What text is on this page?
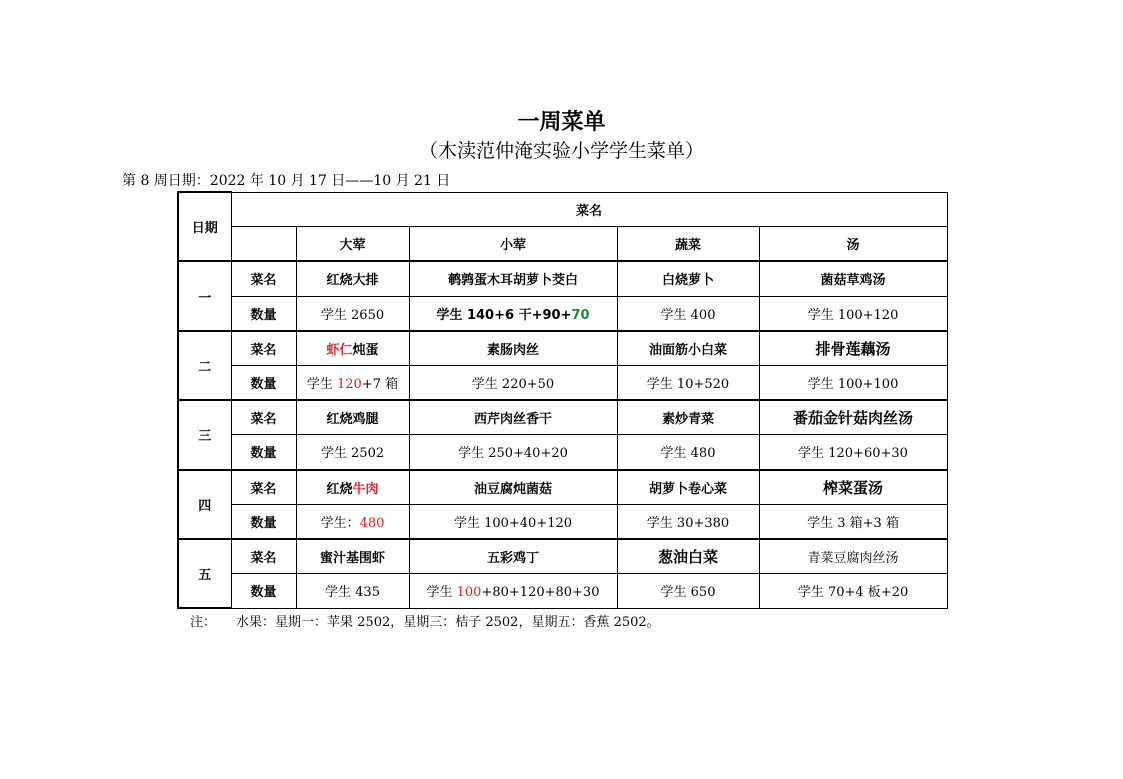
一周菜单
（木渎范仲淹实验小学学生菜单）
第 8 周日期：2022 年 10 月 17 日——10 月 21 日
日期	菜名				
		大荤	小荤	蔬菜	汤
一	菜名	红烧大排	鹌鹑蛋木耳胡萝卜茭白	白烧萝卜	菌菇草鸡汤
	数量	学生 2650	学生 140+6 干+90+70	学生 400	学生 100+120
二	菜名	虾仁炖蛋	素肠肉丝	油面筋小白菜	排骨莲藕汤
	数量	学生 120+7 箱	学生 220+50	学生 10+520	学生 100+100
三	菜名	红烧鸡腿	西芹肉丝香干	素炒青菜	番茄金针菇肉丝汤
	数量	学生 2502	学生 250+40+20	学生 480	学生 120+60+30
四	菜名	红烧牛肉	油豆腐炖菌菇	胡萝卜卷心菜	榨菜蛋汤
	数量	学生：480	学生 100+40+120	学生 30+380	学生 3 箱+3 箱
五	菜名	蜜汁基围虾	五彩鸡丁	葱油白菜	青菜豆腐肉丝汤
	数量	学生 435	学生 100+80+120+80+30	学生 650	学生 70+4 板+20
注： 水果：星期一：苹果 2502，星期三：桔子 2502，星期五：香蕉 2502。
